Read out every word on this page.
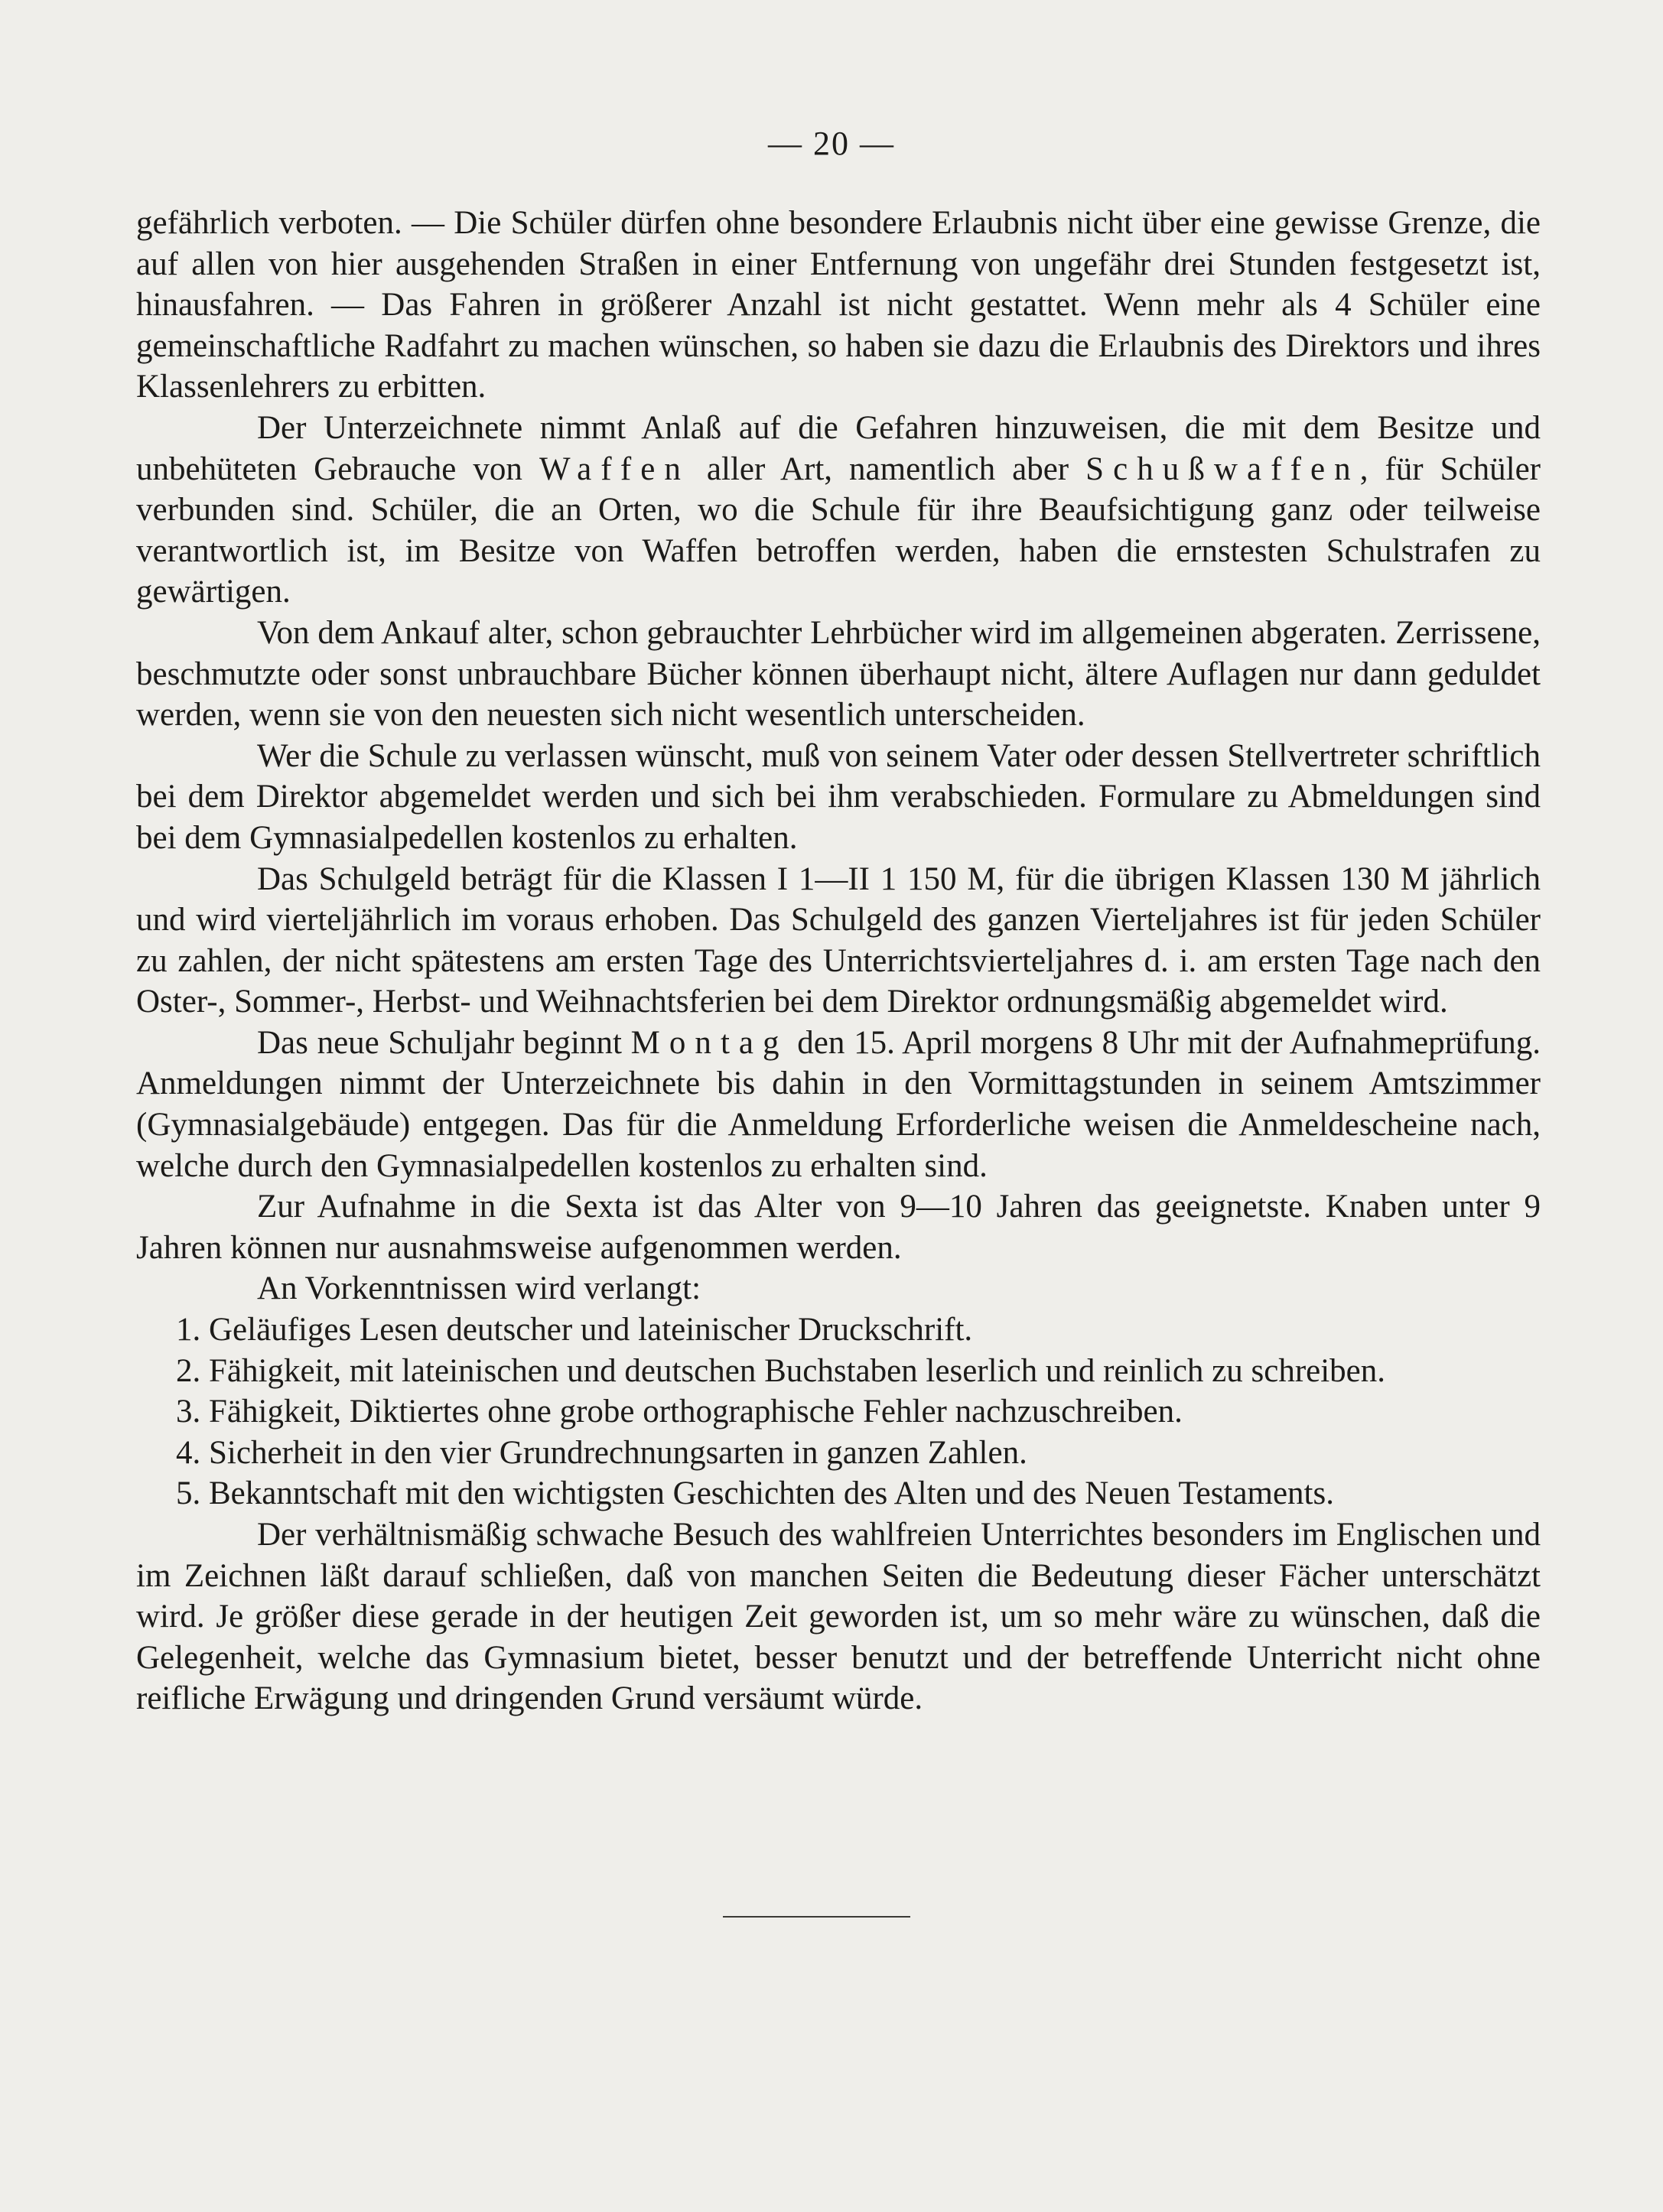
— 20 —

gefährlich verboten. — Die Schüler dürfen ohne besondere Erlaubnis nicht über eine gewisse Grenze, die auf allen von hier ausgehenden Straßen in einer Entfernung von ungefähr drei Stunden festgesetzt ist, hinausfahren. — Das Fahren in größerer Anzahl ist nicht gestattet. Wenn mehr als 4 Schüler eine gemeinschaftliche Radfahrt zu machen wünschen, so haben sie dazu die Erlaubnis des Direktors und ihres Klassenlehrers zu erbitten.

Der Unterzeichnete nimmt Anlaß auf die Gefahren hinzuweisen, die mit dem Besitze und unbehüteten Gebrauche von Waffen aller Art, namentlich aber Schußwaffen, für Schüler verbunden sind. Schüler, die an Orten, wo die Schule für ihre Beaufsichtigung ganz oder teilweise verantwortlich ist, im Besitze von Waffen betroffen werden, haben die ernstesten Schulstrafen zu gewärtigen.

Von dem Ankauf alter, schon gebrauchter Lehrbücher wird im allgemeinen abgeraten. Zerrissene, beschmutzte oder sonst unbrauchbare Bücher können überhaupt nicht, ältere Auflagen nur dann geduldet werden, wenn sie von den neuesten sich nicht wesentlich unterscheiden.

Wer die Schule zu verlassen wünscht, muß von seinem Vater oder dessen Stellvertreter schriftlich bei dem Direktor abgemeldet werden und sich bei ihm verabschieden. Formulare zu Abmeldungen sind bei dem Gymnasialpedellen kostenlos zu erhalten.

Das Schulgeld beträgt für die Klassen I 1—II 1 150 M, für die übrigen Klassen 130 M jährlich und wird vierteljährlich im voraus erhoben. Das Schulgeld des ganzen Vierteljahres ist für jeden Schüler zu zahlen, der nicht spätestens am ersten Tage des Unterrichtsvierteljahres d. i. am ersten Tage nach den Oster-, Sommer-, Herbst- und Weihnachtsferien bei dem Direktor ordnungsmäßig abgemeldet wird.

Das neue Schuljahr beginnt Montag den 15. April morgens 8 Uhr mit der Aufnahmeprüfung. Anmeldungen nimmt der Unterzeichnete bis dahin in den Vormittagstunden in seinem Amtszimmer (Gymnasialgebäude) entgegen. Das für die Anmeldung Erforderliche weisen die Anmeldescheine nach, welche durch den Gymnasialpedellen kostenlos zu erhalten sind.

Zur Aufnahme in die Sexta ist das Alter von 9—10 Jahren das geeignetste. Knaben unter 9 Jahren können nur ausnahmsweise aufgenommen werden.

An Vorkenntnissen wird verlangt:

1. Geläufiges Lesen deutscher und lateinischer Druckschrift.
2. Fähigkeit, mit lateinischen und deutschen Buchstaben leserlich und reinlich zu schreiben.
3. Fähigkeit, Diktiertes ohne grobe orthographische Fehler nachzuschreiben.
4. Sicherheit in den vier Grundrechnungsarten in ganzen Zahlen.
5. Bekanntschaft mit den wichtigsten Geschichten des Alten und des Neuen Testaments.

Der verhältnismäßig schwache Besuch des wahlfreien Unterrichtes besonders im Englischen und im Zeichnen läßt darauf schließen, daß von manchen Seiten die Bedeutung dieser Fächer unterschätzt wird. Je größer diese gerade in der heutigen Zeit geworden ist, um so mehr wäre zu wünschen, daß die Gelegenheit, welche das Gymnasium bietet, besser benutzt und der betreffende Unterricht nicht ohne reifliche Erwägung und dringenden Grund versäumt würde.
